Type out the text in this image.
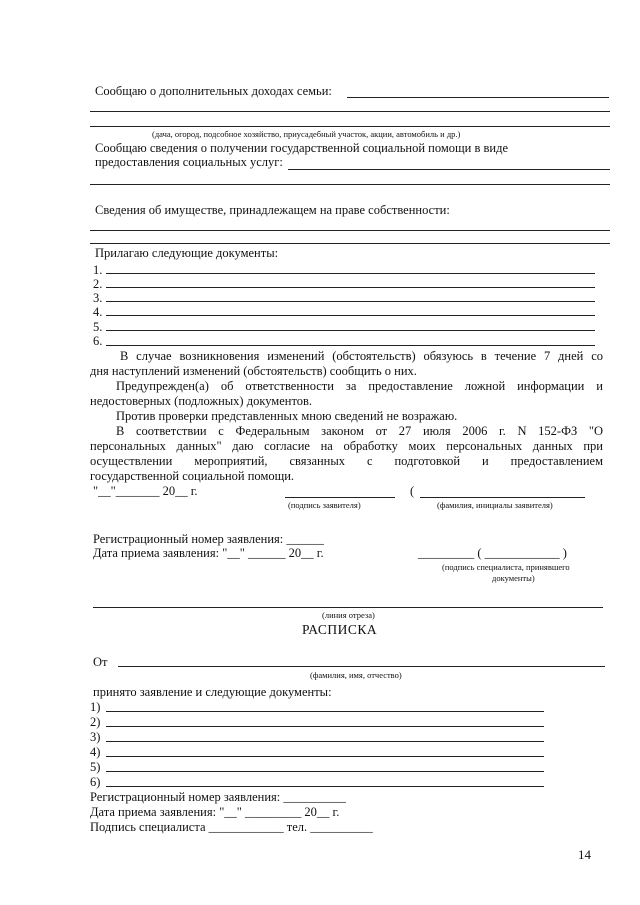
Сообщаю о дополнительных доходах семьи:
(дача, огород, подсобное хозяйство, приусадебный участок, акции, автомобиль и др.)
Сообщаю сведения о получении государственной социальной помощи в виде
предоставления социальных услуг:
Сведения об имуществе, принадлежащем на праве собственности:
Прилагаю следующие документы:
1.
2.
3.
4.
5.
6.
В случае возникновения изменений (обстоятельств) обязуюсь в течение 7 дней со
дня наступлений изменений (обстоятельств) сообщить о них.
Предупрежден(а) об ответственности за предоставление ложной информации и
недостоверных (подложных) документов.
Против проверки представленных мною сведений не возражаю.
В соответствии с Федеральным законом от 27 июля 2006 г. N 152-ФЗ "О
персональных данных" даю согласие на обработку моих персональных данных при
осуществлении мероприятий, связанных с подготовкой и предоставлением
государственной социальной помощи.
"__"_______ 20__ г.	(
(подпись заявителя)	(фамилия, инициалы заявителя)
Регистрационный номер заявления: ______
Дата приема заявления: "__" ______ 20__ г.	_________ ( ____________ )
(подпись специалиста, принявшего
документы)
(линия отреза)
РАСПИСКА
От
(фамилия, имя, отчество)
принято заявление и следующие документы:
1)
2)
3)
4)
5)
6)
Регистрационный номер заявления: __________
Дата приема заявления: "__" _________ 20__ г.
Подпись специалиста ____________ тел. __________
14
